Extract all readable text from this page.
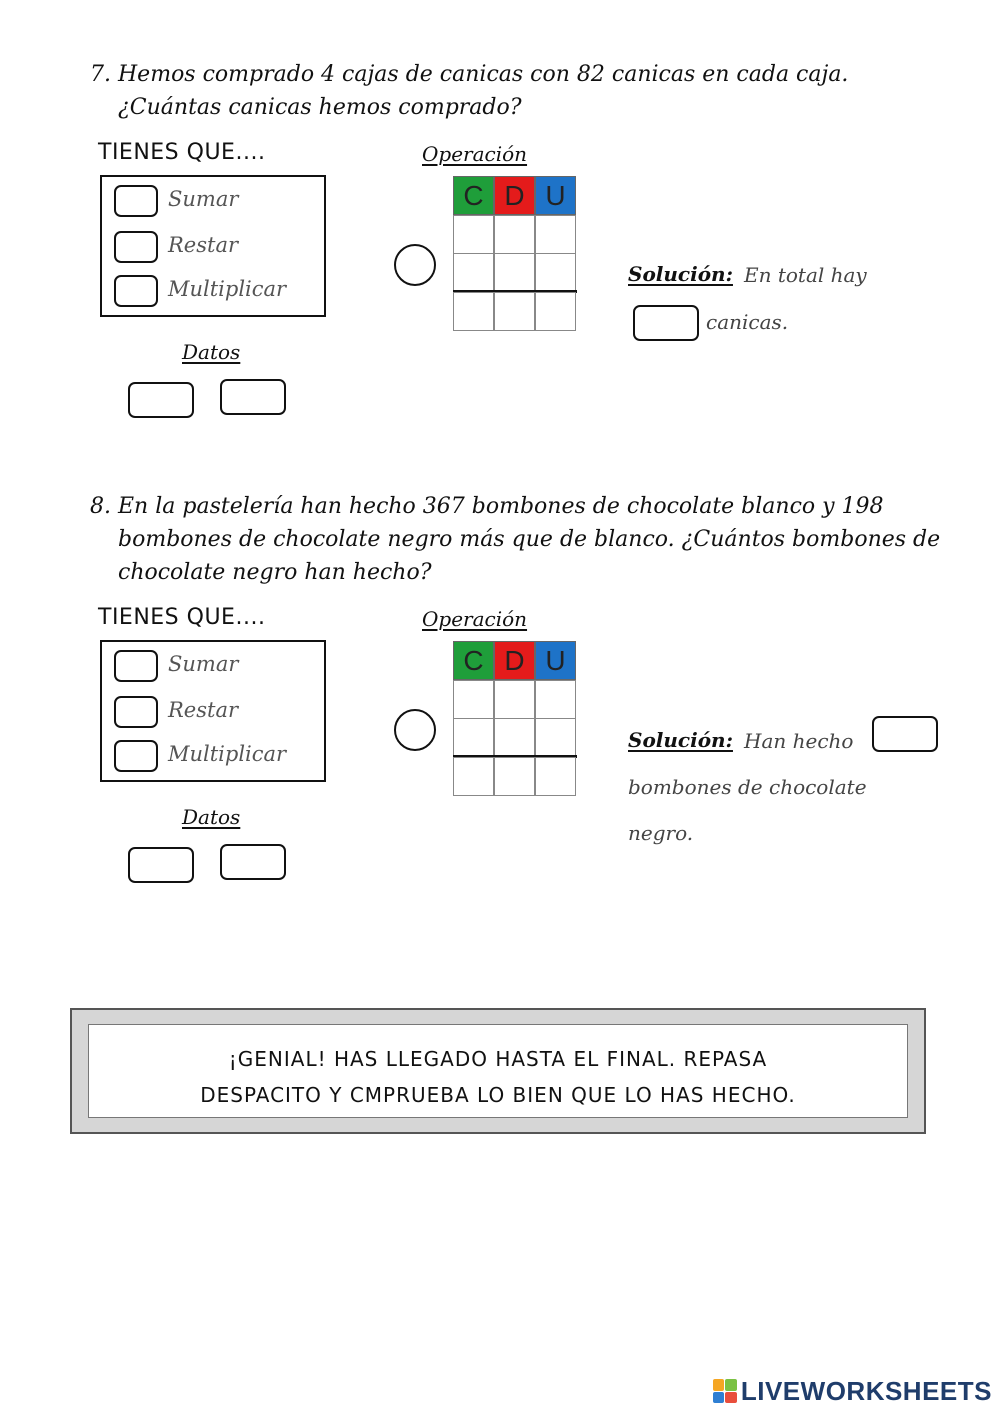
7. Hemos comprado 4 cajas de canicas con 82 canicas en cada caja.
¿Cuántas canicas hemos comprado?
TIENES QUE....
Sumar
Restar
Multiplicar
Datos
Operación
C D U
Solución: En total hay
canicas.
8. En la pastelería han hecho 367 bombones de chocolate blanco y 198
bombones de chocolate negro más que de blanco. ¿Cuántos bombones de
chocolate negro han hecho?
TIENES QUE....
Sumar
Restar
Multiplicar
Datos
Operación
C D U
Solución: Han hecho
bombones de chocolate
negro.
¡GENIAL! HAS LLEGADO HASTA EL FINAL. REPASA
DESPACITO Y CMPRUEBA LO BIEN QUE LO HAS HECHO.
LIVEWORKSHEETS
